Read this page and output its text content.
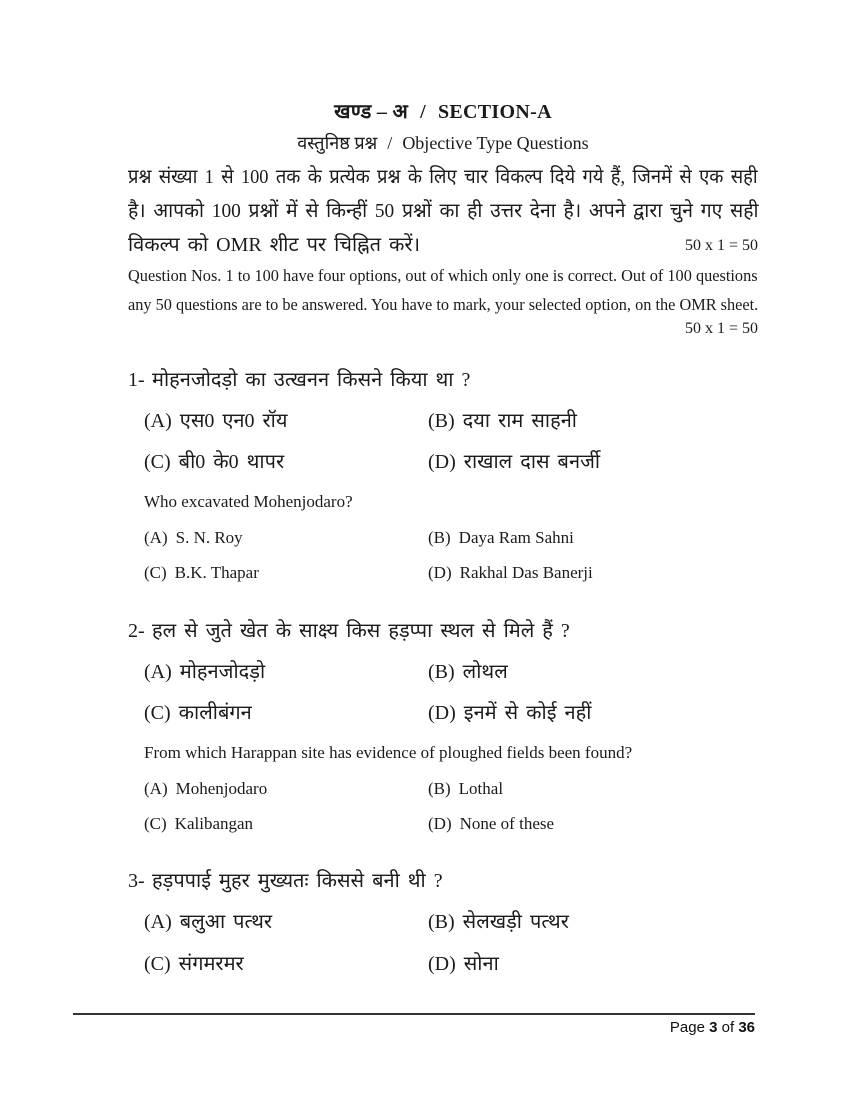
खण्ड – अ / SECTION-A
वस्तुनिष्ठ प्रश्न / Objective Type Questions
प्रश्न संख्या 1 से 100 तक के प्रत्येक प्रश्न के लिए चार विकल्प दिये गये हैं, जिनमें से एक सही
है। आपको 100 प्रश्नों में से किन्हीं 50 प्रश्नों का ही उत्तर देना है। अपने द्वारा चुने गए सही
विकल्प को OMR शीट पर चिह्नित करें।	50 x 1 = 50
Question Nos. 1 to 100 have four options, out of which only one is correct. Out of 100 questions
any 50 questions are to be answered. You have to mark, your selected option, on the OMR sheet.
50 x 1 = 50
1- मोहनजोदड़ो का उत्खनन किसने किया था ?
(A) एस0 एन0 रॉय	(B) दया राम साहनी
(C) बी0 के0 थापर	(D) राखाल दास बनर्जी
Who excavated Mohenjodaro?
(A) S. N. Roy	(B) Daya Ram Sahni
(C) B.K. Thapar	(D) Rakhal Das Banerji
2- हल से जुते खेत के साक्ष्य किस हड़प्पा स्थल से मिले हैं ?
(A) मोहनजोदड़ो	(B) लोथल
(C) कालीबंगन	(D) इनमें से कोई नहीं
From which Harappan site has evidence of ploughed fields been found?
(A) Mohenjodaro	(B) Lothal
(C) Kalibangan	(D) None of these
3- हड़पपाई मुहर मुख्यतः किससे बनी थी ?
(A) बलुआ पत्थर	(B) सेलखड़ी पत्थर
(C) संगमरमर	(D) सोना
Page 3 of 36
